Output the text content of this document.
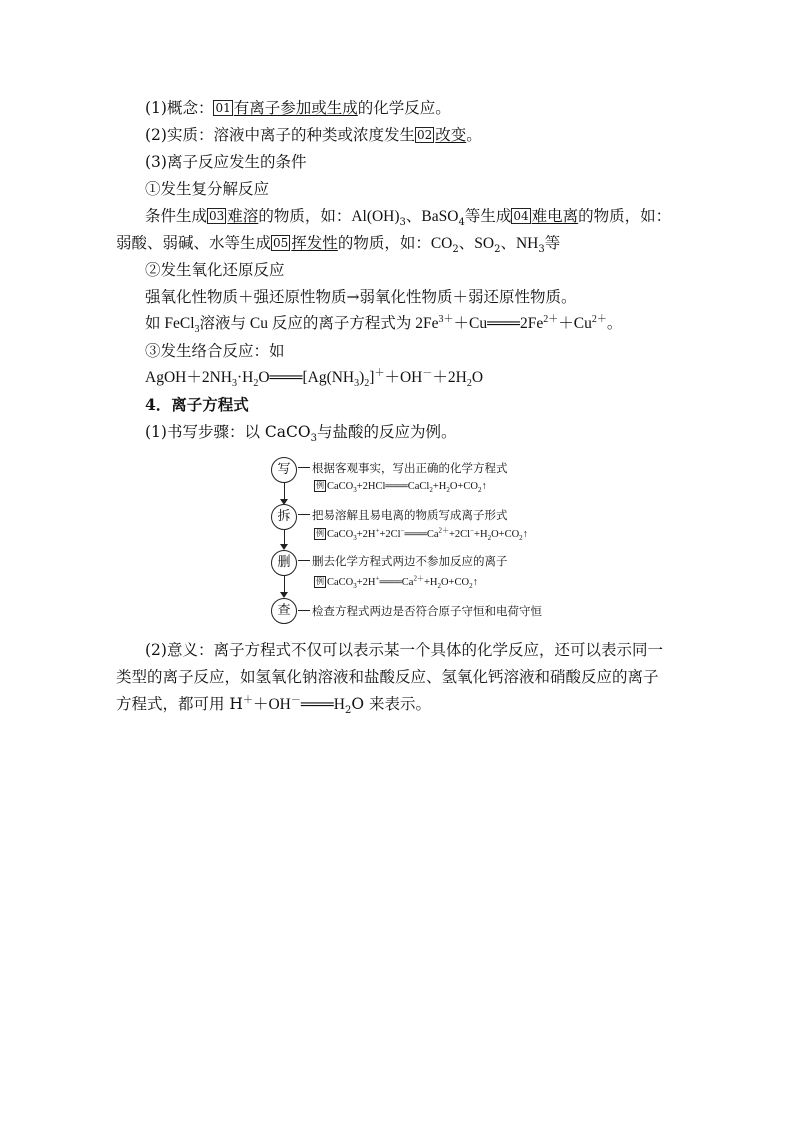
(1)概念： 01 有离子参加或生成的化学反应。
(2)实质：溶液中离子的种类或浓度发生 02 改变。
(3)离子反应发生的条件
①发生复分解反应
条件生成 03 难溶的物质，如：$Al(OH)_3$、BaSO$_4$等生成 04 难电离的物质，如：
弱酸、弱碱、水等生成 05 挥发性的物质，如：$CO_2$、$SO_2$、$NH_3$等
②发生氧化还原反应
强氧化性物质＋强还原性物质→弱氧化性物质＋弱还原性物质。
如 FeCl$_3$溶液与 Cu 反应的离子方程式为 $2Fe^{3+}+Cu═══2Fe^{2+}+Cu^{2+}$。
③发生络合反应：如
$AgOH+2NH_3\cdot H_2O═══[Ag(NH_3)_2]^++OH^-+2H_2O$
4．离子方程式
(1)书写步骤：以 CaCO$_3$与盐酸的反应为例。
写	根据客观事实，写出正确的化学方程式
例 $CaCO_3+2HCl═══CaCl_2+H_2O+CO_2↑$
拆	把易溶解且易电离的物质写成离子形式
例 $CaCO_3+2H^++2Cl^-═══Ca^{2+}+2Cl^-+H_2O+CO_2↑$
删	删去化学方程式两边不参加反应的离子
例 $CaCO_3+2H^+═══Ca^{2+}+H_2O+CO_2↑$
查	检查方程式两边是否符合原子守恒和电荷守恒
(2)意义：离子方程式不仅可以表示某一个具体的化学反应，还可以表示同一
类型的离子反应，如氢氧化钠溶液和盐酸反应、氢氧化钙溶液和硝酸反应的离子
方程式，都可用 $H^++OH^-═══H_2O$ 来表示。
